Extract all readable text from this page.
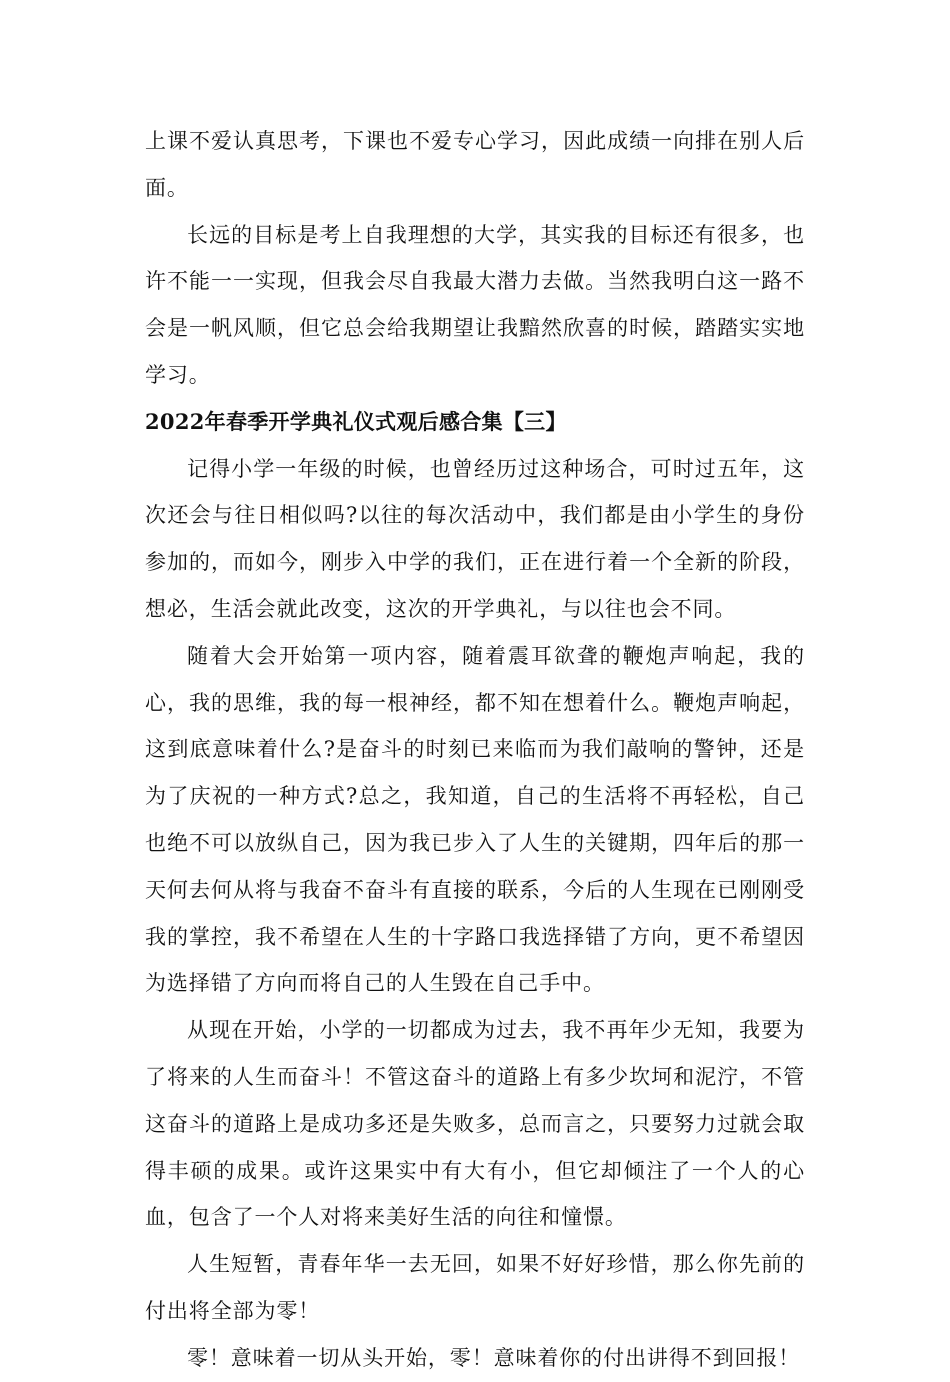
上课不爱认真思考，下课也不爱专心学习，因此成绩一向排在别人后面。

长远的目标是考上自我理想的大学，其实我的目标还有很多，也许不能一一实现，但我会尽自我最大潜力去做。当然我明白这一路不会是一帆风顺，但它总会给我期望让我黯然欣喜的时候，踏踏实实地学习。

2022年春季开学典礼仪式观后感合集【三】

记得小学一年级的时候，也曾经历过这种场合，可时过五年，这次还会与往日相似吗?以往的每次活动中，我们都是由小学生的身份参加的，而如今，刚步入中学的我们，正在进行着一个全新的阶段，想必，生活会就此改变，这次的开学典礼，与以往也会不同。

随着大会开始第一项内容，随着震耳欲聋的鞭炮声响起，我的心，我的思维，我的每一根神经，都不知在想着什么。鞭炮声响起，这到底意味着什么?是奋斗的时刻已来临而为我们敲响的警钟，还是为了庆祝的一种方式?总之，我知道，自己的生活将不再轻松，自己也绝不可以放纵自己，因为我已步入了人生的关键期，四年后的那一天何去何从将与我奋不奋斗有直接的联系，今后的人生现在已刚刚受我的掌控，我不希望在人生的十字路口我选择错了方向，更不希望因为选择错了方向而将自己的人生毁在自己手中。

从现在开始，小学的一切都成为过去，我不再年少无知，我要为了将来的人生而奋斗！不管这奋斗的道路上有多少坎坷和泥泞，不管这奋斗的道路上是成功多还是失败多，总而言之，只要努力过就会取得丰硕的成果。或许这果实中有大有小，但它却倾注了一个人的心血，包含了一个人对将来美好生活的向往和憧憬。

人生短暂，青春年华一去无回，如果不好好珍惜，那么你先前的付出将全部为零！

零！意味着一切从头开始，零！意味着你的付出讲得不到回报！
